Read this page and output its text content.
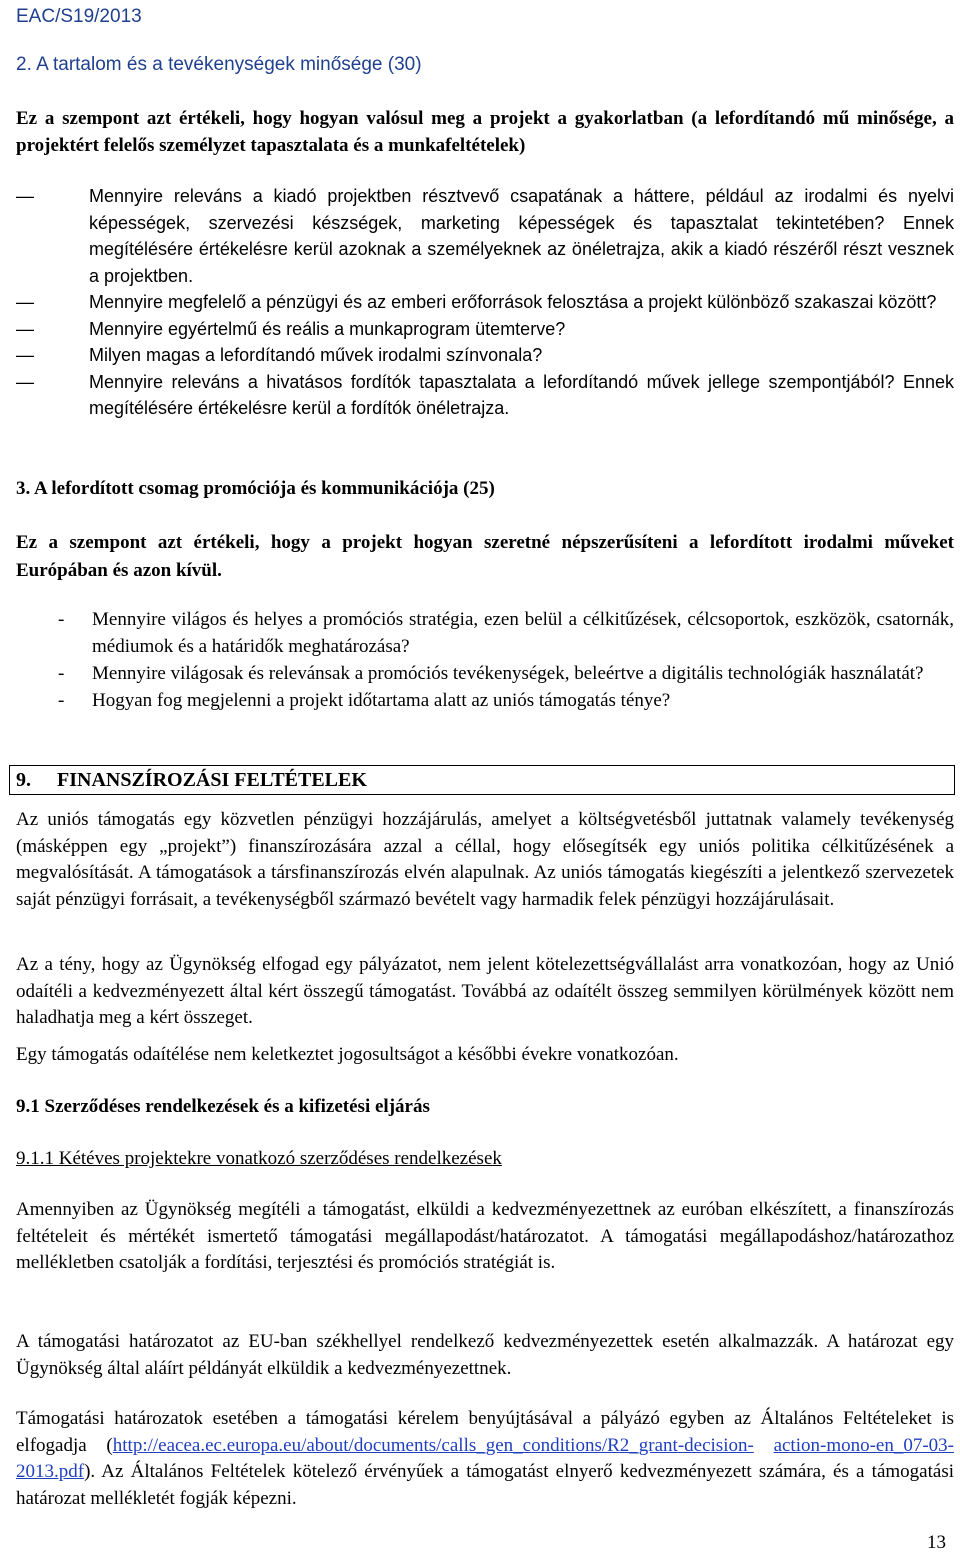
EAC/S19/2013
2. A tartalom és a tevékenységek minősége (30)

Ez a szempont azt értékeli, hogy hogyan valósul meg a projekt a gyakorlatban (a lefordítandó mű minősége, a projektért felelős személyzet tapasztalata és a munkafeltételek)

—	Mennyire releváns a kiadó projektben résztvevő csapatának a háttere, például az irodalmi és nyelvi képességek, szervezési készségek, marketing képességek és tapasztalat tekintetében? Ennek megítélésére értékelésre kerül azoknak a személyeknek az önéletrajza, akik a kiadó részéről részt vesznek a projektben.
—	Mennyire megfelelő a pénzügyi és az emberi erőforrások felosztása a projekt különböző szakaszai között?
—	Mennyire egyértelmű és reális a munkaprogram ütemterve?
—	Milyen magas a lefordítandó művek irodalmi színvonala?
—	Mennyire releváns a hivatásos fordítók tapasztalata a lefordítandó művek jellege szempontjából? Ennek megítélésére értékelésre kerül a fordítók önéletrajza.
3. A lefordított csomag promóciója és kommunikációja (25)

Ez a szempont azt értékeli, hogy a projekt hogyan szeretné népszerűsíteni a lefordított irodalmi műveket Európában és azon kívül.

- Mennyire világos és helyes a promóciós stratégia, ezen belül a célkitűzések, célcsoportok, eszközök, csatornák, médiumok és a határidők meghatározása?
- Mennyire világosak és relevánsak a promóciós tevékenységek, beleértve a digitális technológiák használatát?
- Hogyan fog megjelenni a projekt időtartama alatt az uniós támogatás ténye?
9. FINANSZÍROZÁSI FELTÉTELEK

Az uniós támogatás egy közvetlen pénzügyi hozzájárulás, amelyet a költségvetésből juttatnak valamely tevékenység (másképpen egy „projekt”) finanszírozására azzal a céllal, hogy elősegítsék egy uniós politika célkitűzésének a megvalósítását. A támogatások a társfinanszírozás elvén alapulnak. Az uniós támogatás kiegészíti a jelentkező szervezetek saját pénzügyi forrásait, a tevékenységből származó bevételt vagy harmadik felek pénzügyi hozzájárulásait.

Az a tény, hogy az Ügynökség elfogad egy pályázatot, nem jelent kötelezettségvállalást arra vonatkozóan, hogy az Unió odaítéli a kedvezményezett által kért összegű támogatást. Továbbá az odaítélt összeg semmilyen körülmények között nem haladhatja meg a kért összeget.

Egy támogatás odaítélése nem keletkeztet jogosultságot a későbbi évekre vonatkozóan.

9.1 Szerződéses rendelkezések és a kifizetési eljárás
9.1.1 Kétéves projektekre vonatkozó szerződéses rendelkezések

Amennyiben az Ügynökség megítéli a támogatást, elküldi a kedvezményezettnek az euróban elkészített, a finanszírozás feltételeit és mértékét ismertető támogatási megállapodást/határozatot. A támogatási megállapodáshoz/határozathoz mellékletben csatolják a fordítási, terjesztési és promóciós stratégiát is.

A támogatási határozatot az EU-ban székhellyel rendelkező kedvezményezettek esetén alkalmazzák. A határozat egy Ügynökség által aláírt példányát elküldik a kedvezményezettnek.

Támogatási határozatok esetében a támogatási kérelem benyújtásával a pályázó egyben az Általános Feltételeket is elfogadja (http://eacea.ec.europa.eu/about/documents/calls_gen_conditions/R2_grant-decision- action-mono-en_07-03-2013.pdf). Az Általános Feltételek kötelező érvényűek a támogatást elnyerő kedvezményezett számára, és a támogatási határozat mellékletét fogják képezni.

13
